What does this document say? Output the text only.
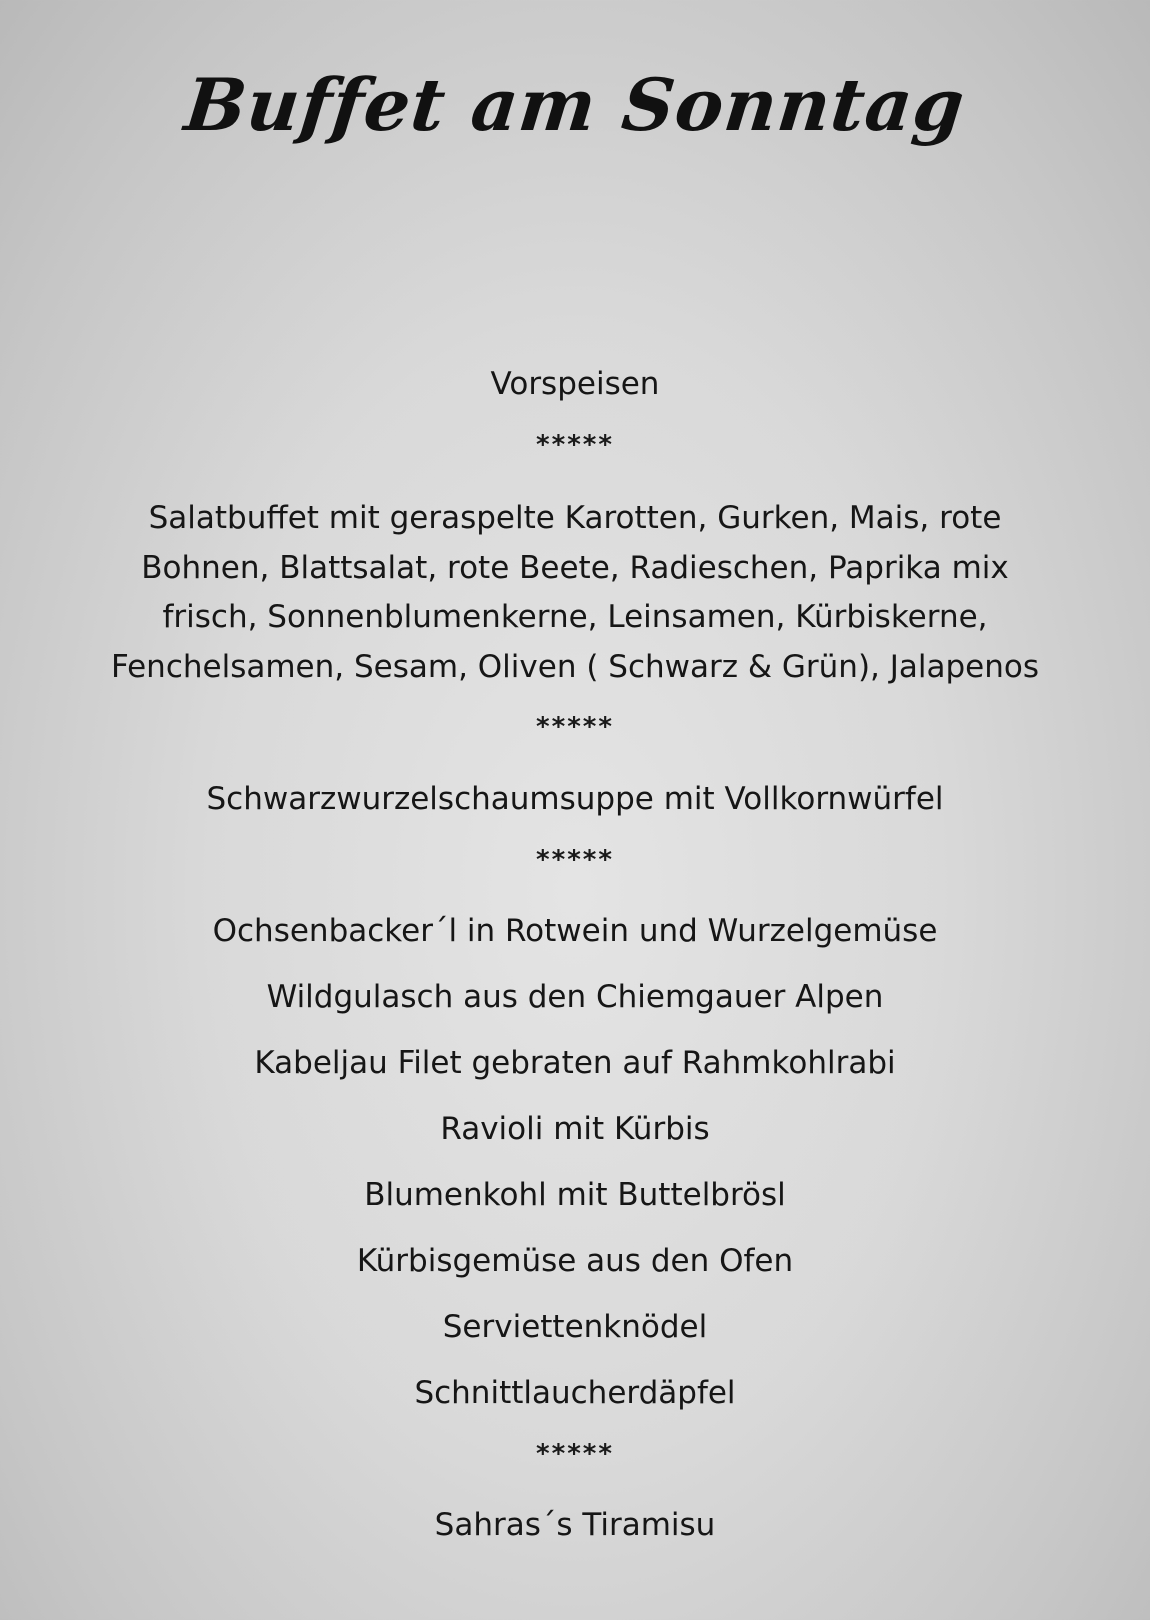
Buffet am Sonntag
Vorspeisen
*****
Salatbuffet mit geraspelte Karotten, Gurken, Mais, rote
Bohnen, Blattsalat, rote Beete, Radieschen, Paprika mix
frisch, Sonnenblumenkerne, Leinsamen, Kürbiskerne,
Fenchelsamen, Sesam, Oliven ( Schwarz & Grün), Jalapenos
*****
Schwarzwurzelschaumsuppe mit Vollkornwürfel
*****
Ochsenbacker´l in Rotwein und Wurzelgemüse
Wildgulasch aus den Chiemgauer Alpen
Kabeljau Filet gebraten auf Rahmkohlrabi
Ravioli mit Kürbis
Blumenkohl mit Buttelbrösl
Kürbisgemüse aus den Ofen
Serviettenknödel
Schnittlaucherdäpfel
*****
Sahras´s Tiramisu
